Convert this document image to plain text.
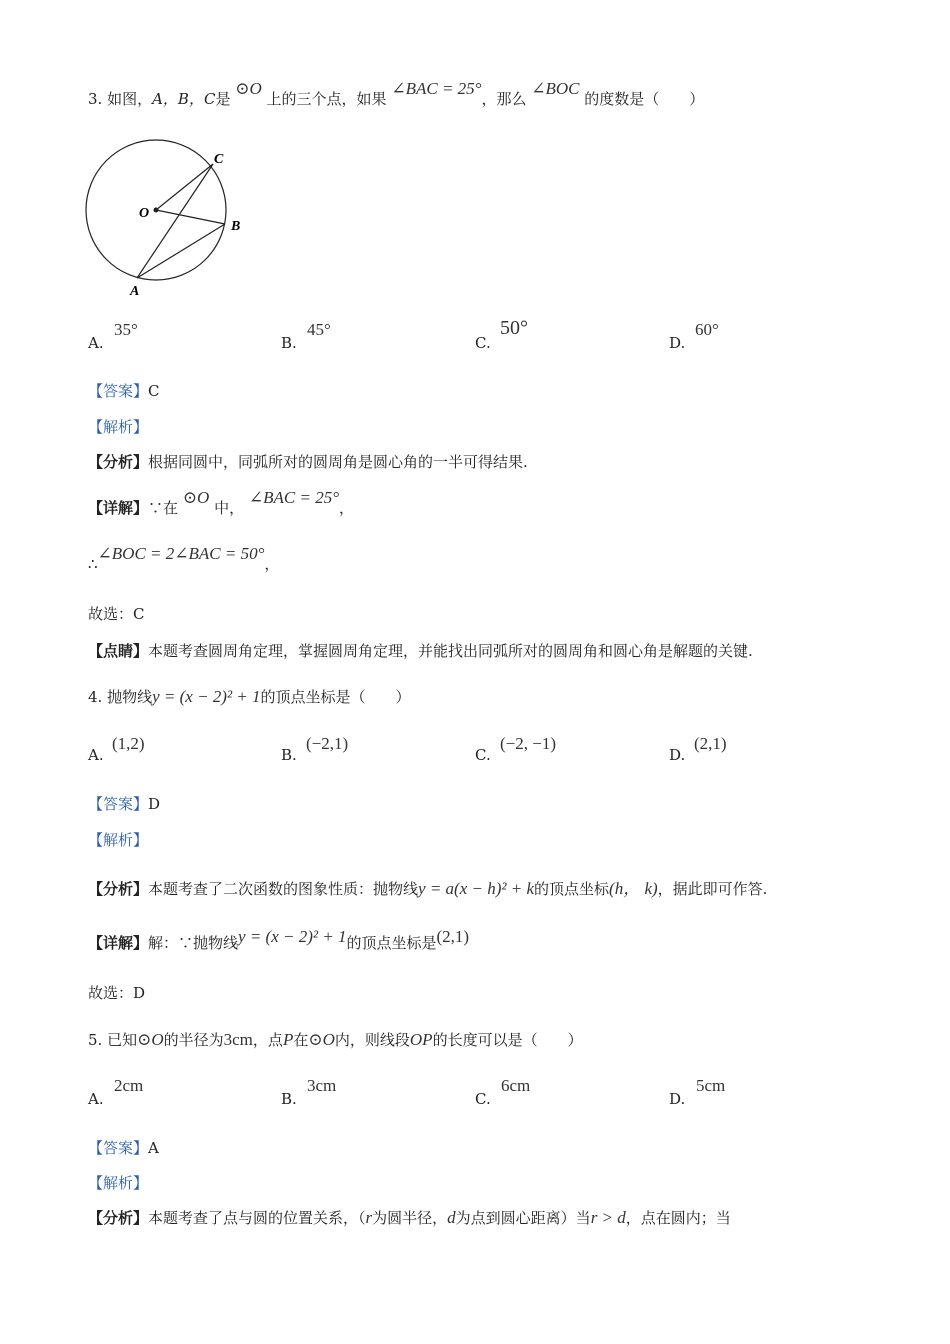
3. 如图，A，B，C是 ⊙O 上的三个点，如果 ∠BAC = 25°，那么 ∠BOC 的度数是（　　）
C
O
B
A
A.
35°
B.
45°
C.
50°
D.
60°
【答案】C
【解析】
【分析】根据同圆中，同弧所对的圆周角是圆心角的一半可得结果.
【详解】∵在 ⊙O 中， ∠BAC = 25°，
∴∠BOC = 2∠BAC = 50°，
故选：C
【点睛】本题考查圆周角定理，掌握圆周角定理，并能找出同弧所对的圆周角和圆心角是解题的关键.
4. 抛物线y = (x − 2)² + 1的顶点坐标是（　　）
A.
(1,2)
B.
(−2,1)
C.
(−2, −1)
D.
(2,1)
【答案】D
【解析】
【分析】本题考查了二次函数的图象性质：抛物线y = a(x − h)² + k的顶点坐标(h， k)，据此即可作答.
【详解】解：∵抛物线y = (x − 2)² + 1的顶点坐标是(2,1)
故选：D
5. 已知⊙O的半径为3cm，点P在⊙O内，则线段OP的长度可以是（　　）
A.
2cm
B.
3cm
C.
6cm
D.
5cm
【答案】A
【解析】
【分析】本题考查了点与圆的位置关系，（r为圆半径，d为点到圆心距离）当r > d，点在圆内；当
